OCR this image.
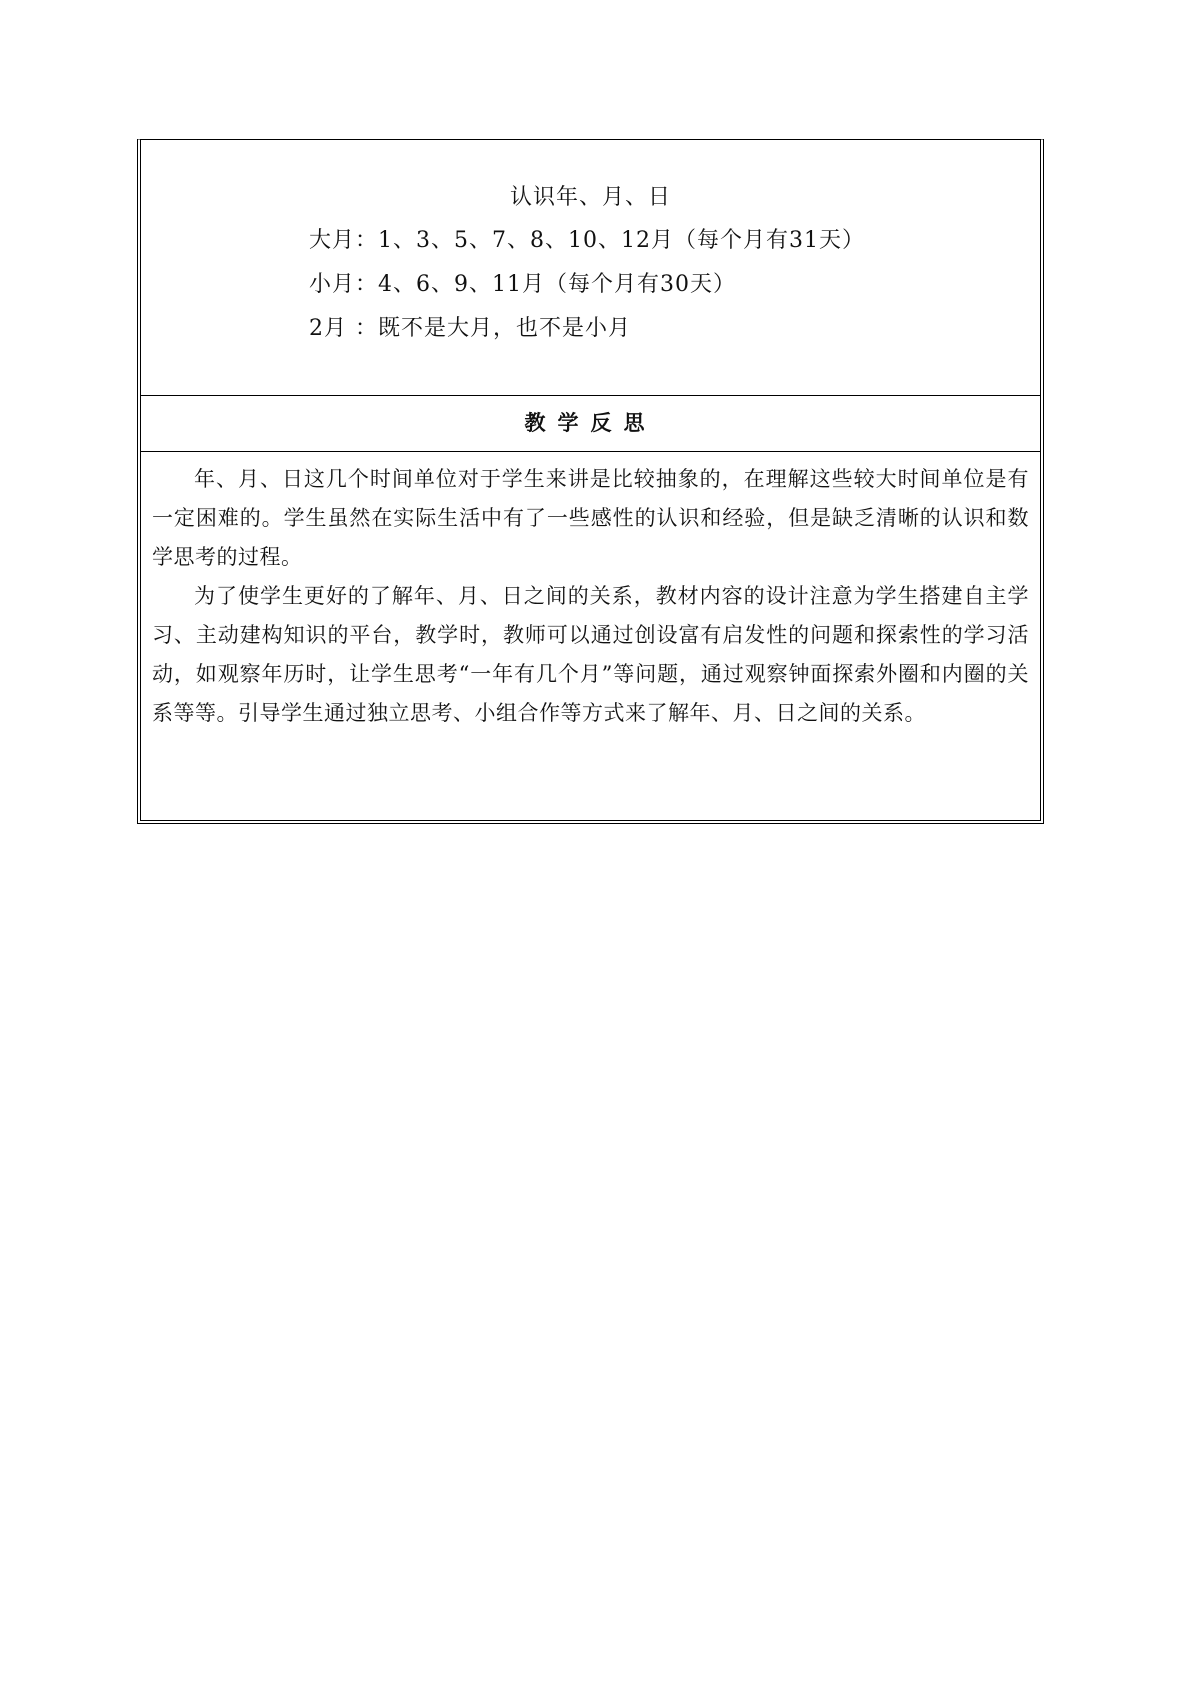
认识年、月、日
大月：1、3、5、7、8、10、12月（每个月有31天）
小月：4、6、9、11月（每个月有30天）
2月 ：既不是大月，也不是小月
教学反思

年、月、日这几个时间单位对于学生来讲是比较抽象的，在理解这些较大时间单位是有一定困难的。学生虽然在实际生活中有了一些感性的认识和经验，但是缺乏清晰的认识和数学思考的过程。

为了使学生更好的了解年、月、日之间的关系，教材内容的设计注意为学生搭建自主学习、主动建构知识的平台，教学时，教师可以通过创设富有启发性的问题和探索性的学习活动，如观察年历时，让学生思考“一年有几个月”等问题，通过观察钟面探索外圈和内圈的关系等等。引导学生通过独立思考、小组合作等方式来了解年、月、日之间的关系。
